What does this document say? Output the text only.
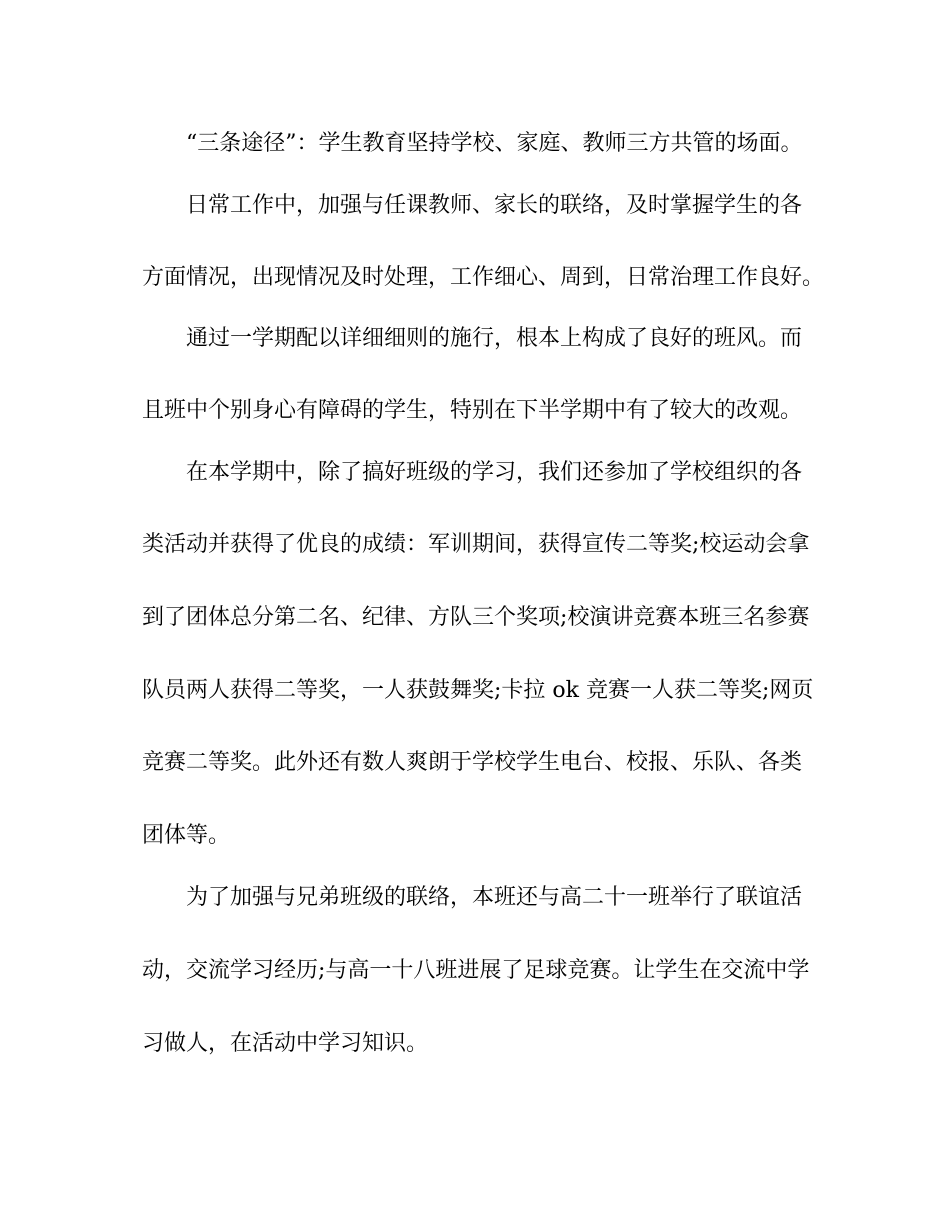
“三条途径”：学生教育坚持学校、家庭、教师三方共管的场面。

日常工作中，加强与任课教师、家长的联络，及时掌握学生的各

方面情况，出现情况及时处理，工作细心、周到，日常治理工作良好。

通过一学期配以详细细则的施行，根本上构成了良好的班风。而

且班中个别身心有障碍的学生，特别在下半学期中有了较大的改观。

在本学期中，除了搞好班级的学习，我们还参加了学校组织的各

类活动并获得了优良的成绩：军训期间，获得宣传二等奖;校运动会拿

到了团体总分第二名、纪律、方队三个奖项;校演讲竞赛本班三名参赛

队员两人获得二等奖，一人获鼓舞奖;卡拉 ok 竞赛一人获二等奖;网页

竞赛二等奖。此外还有数人爽朗于学校学生电台、校报、乐队、各类

团体等。

为了加强与兄弟班级的联络，本班还与高二十一班举行了联谊活

动，交流学习经历;与高一十八班进展了足球竞赛。让学生在交流中学

习做人，在活动中学习知识。
